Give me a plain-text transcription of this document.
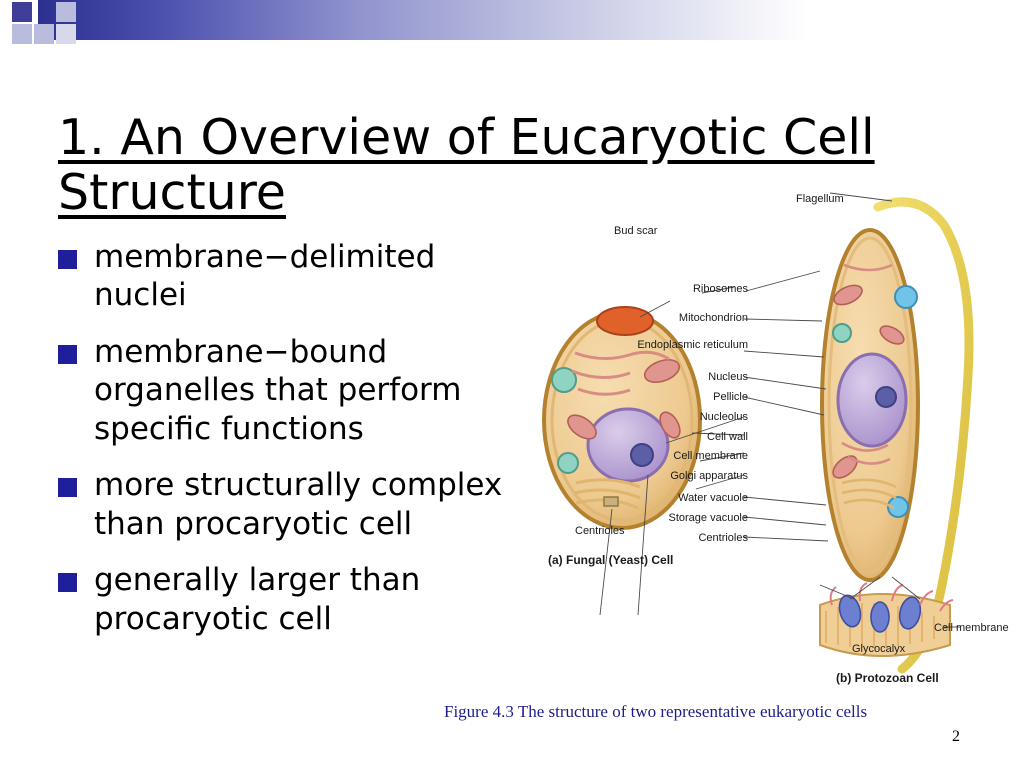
1. An Overview of Eucaryotic Cell Structure
membrane−delimited nuclei
membrane−bound organelles that perform specific functions
more structurally complex than procaryotic cell
generally larger than procaryotic cell
Bud scar
Centrioles
Ribosomes
Mitochondrion
Endoplasmic reticulum
Nucleus
Pellicle
Nucleolus
Cell wall
Cell membrane
Golgi apparatus
Water vacuole
Storage vacuole
Centrioles
Flagellum
Cell membrane
Glycocalyx
(a) Fungal (Yeast) Cell
(b) Protozoan Cell
Figure 4.3 The structure of two representative eukaryotic cells
2
